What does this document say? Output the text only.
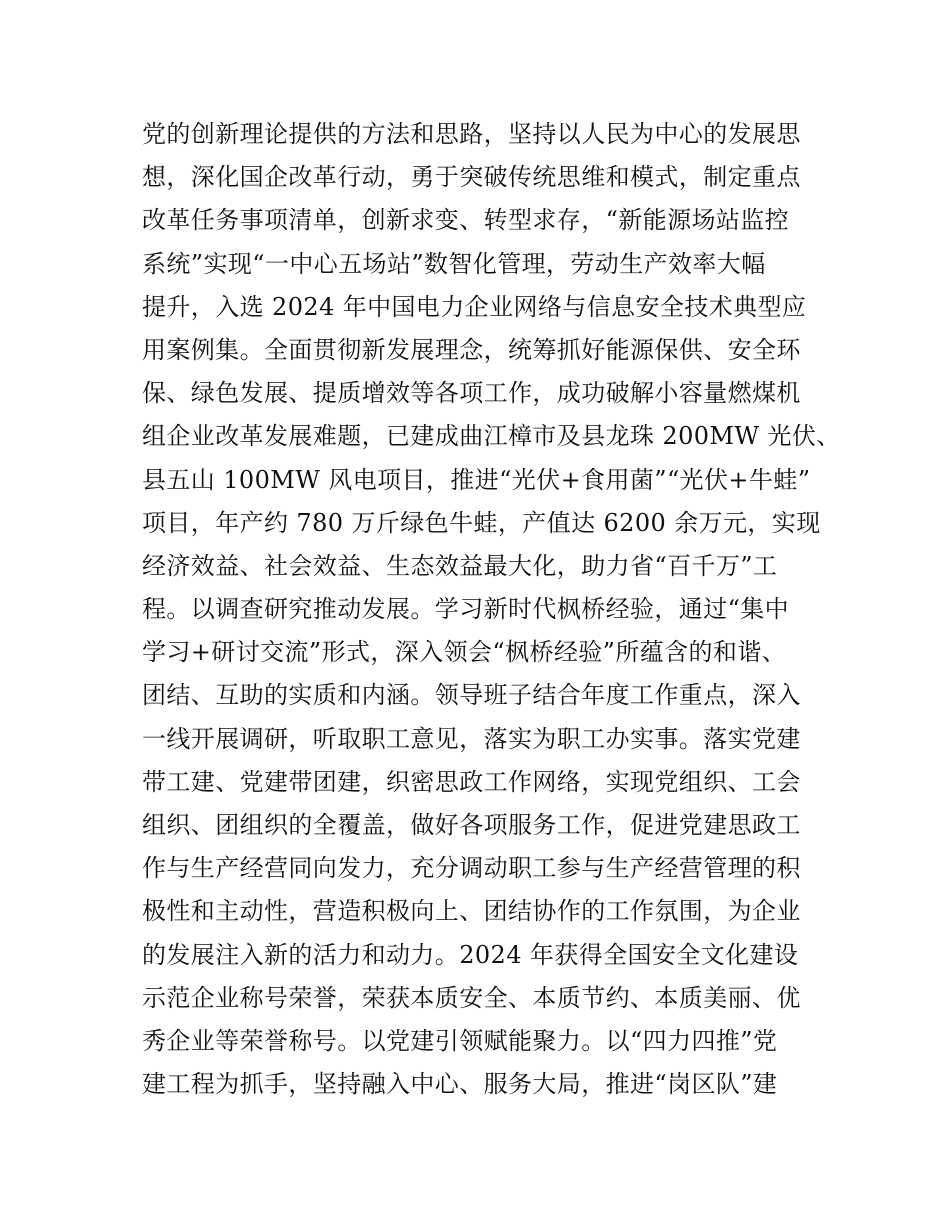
党的创新理论提供的方法和思路，坚持以人民为中心的发展思
想，深化国企改革行动，勇于突破传统思维和模式，制定重点
改革任务事项清单，创新求变、转型求存，“新能源场站监控
系统”实现“一中心五场站”数智化管理，劳动生产效率大幅
提升，入选 2024 年中国电力企业网络与信息安全技术典型应
用案例集。全面贯彻新发展理念，统筹抓好能源保供、安全环
保、绿色发展、提质增效等各项工作，成功破解小容量燃煤机
组企业改革发展难题，已建成曲江樟市及县龙珠 200MW 光伏、
县五山 100MW 风电项目，推进“光伏+食用菌”“光伏+牛蛙”
项目，年产约 780 万斤绿色牛蛙，产值达 6200 余万元，实现
经济效益、社会效益、生态效益最大化，助力省“百千万”工
程。以调查研究推动发展。学习新时代枫桥经验，通过“集中
学习+研讨交流”形式，深入领会“枫桥经验”所蕴含的和谐、
团结、互助的实质和内涵。领导班子结合年度工作重点，深入
一线开展调研，听取职工意见，落实为职工办实事。落实党建
带工建、党建带团建，织密思政工作网络，实现党组织、工会
组织、团组织的全覆盖，做好各项服务工作，促进党建思政工
作与生产经营同向发力，充分调动职工参与生产经营管理的积
极性和主动性，营造积极向上、团结协作的工作氛围，为企业
的发展注入新的活力和动力。2024 年获得全国安全文化建设
示范企业称号荣誉，荣获本质安全、本质节约、本质美丽、优
秀企业等荣誉称号。以党建引领赋能聚力。以“四力四推”党
建工程为抓手，坚持融入中心、服务大局，推进“岗区队”建
